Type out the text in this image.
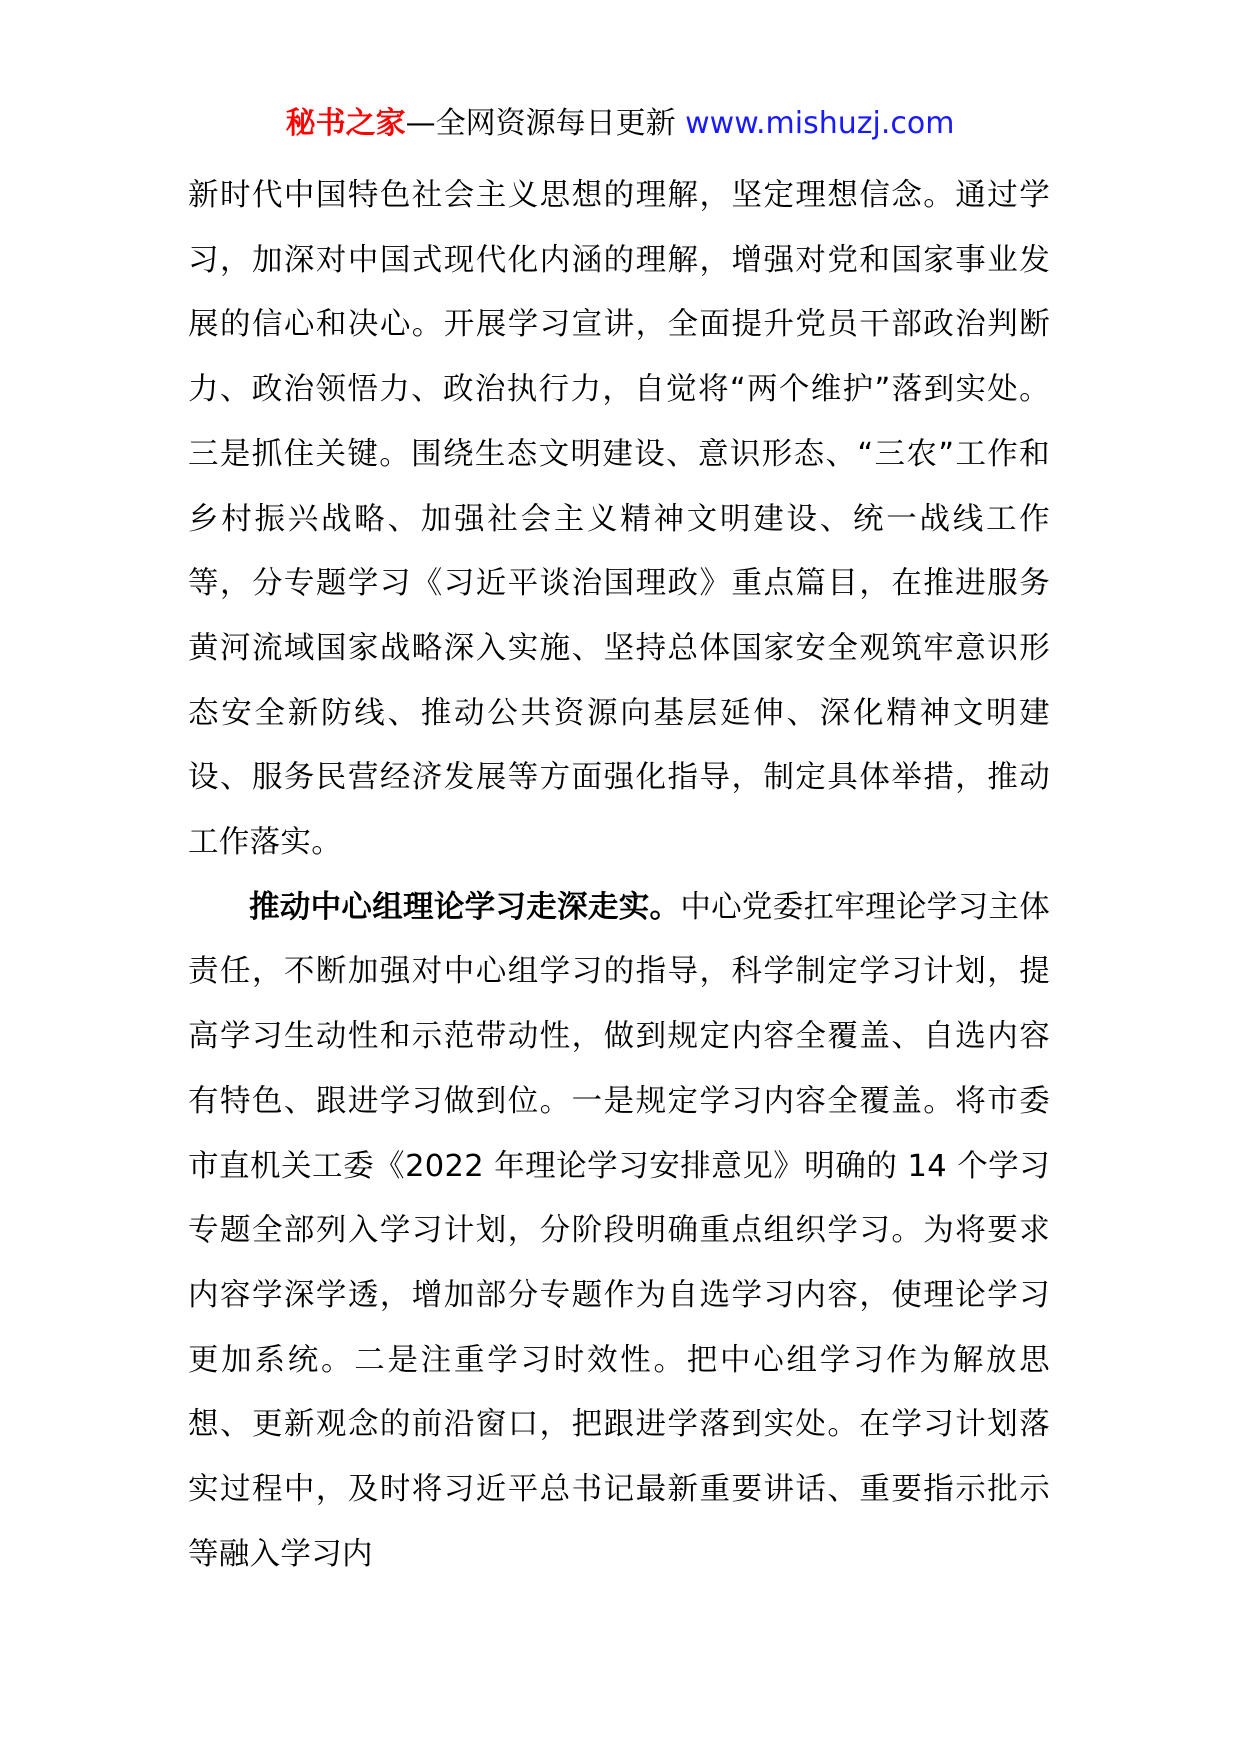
秘书之家—全网资源每日更新 www.mishuzj.com

新时代中国特色社会主义思想的理解，坚定理想信念。通过学习，加深对中国式现代化内涵的理解，增强对党和国家事业发展的信心和决心。开展学习宣讲，全面提升党员干部政治判断力、政治领悟力、政治执行力，自觉将“两个维护”落到实处。三是抓住关键。围绕生态文明建设、意识形态、“三农”工作和乡村振兴战略、加强社会主义精神文明建设、统一战线工作等，分专题学习《习近平谈治国理政》重点篇目，在推进服务黄河流域国家战略深入实施、坚持总体国家安全观筑牢意识形态安全新防线、推动公共资源向基层延伸、深化精神文明建设、服务民营经济发展等方面强化指导，制定具体举措，推动工作落实。

推动中心组理论学习走深走实。中心党委扛牢理论学习主体责任，不断加强对中心组学习的指导，科学制定学习计划，提高学习生动性和示范带动性，做到规定内容全覆盖、自选内容有特色、跟进学习做到位。一是规定学习内容全覆盖。将市委市直机关工委《2022 年理论学习安排意见》明确的 14 个学习专题全部列入学习计划，分阶段明确重点组织学习。为将要求内容学深学透，增加部分专题作为自选学习内容，使理论学习更加系统。二是注重学习时效性。把中心组学习作为解放思想、更新观念的前沿窗口，把跟进学落到实处。在学习计划落实过程中，及时将习近平总书记最新重要讲话、重要指示批示等融入学习内
